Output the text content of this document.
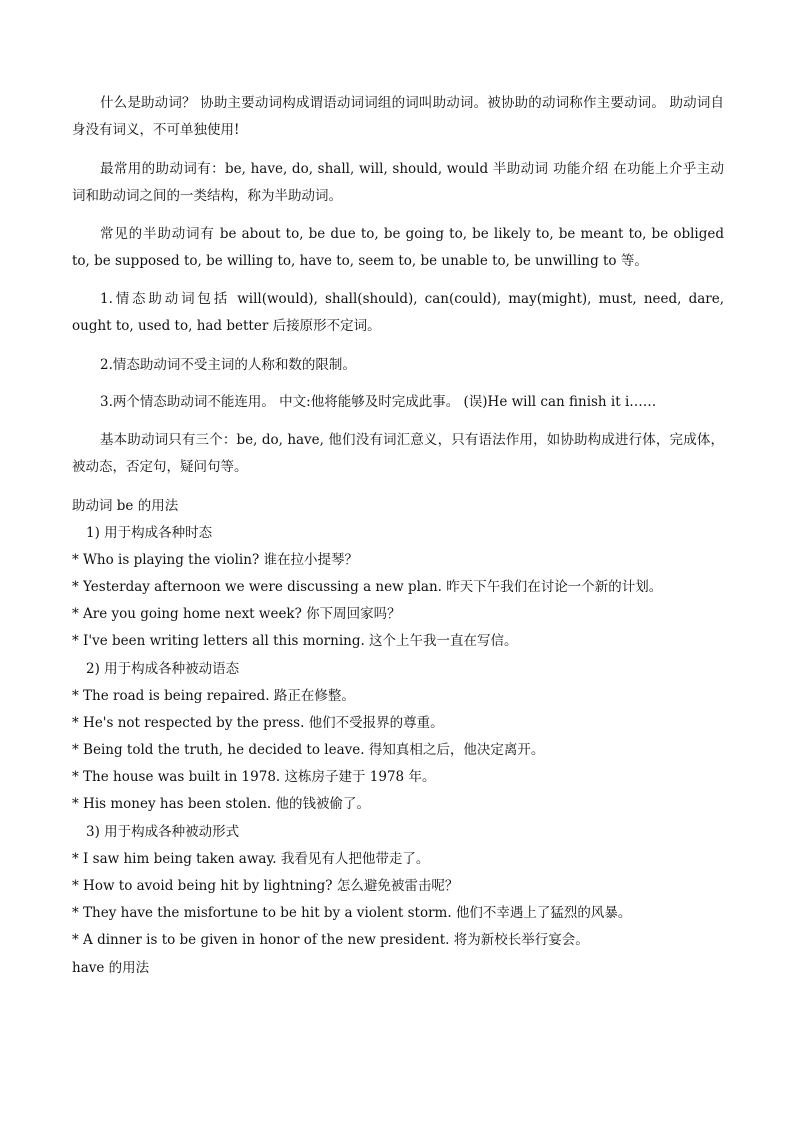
什么是助动词？ 协助主要动词构成谓语动词词组的词叫助动词。被协助的动词称作主要动词。 助动词自身没有词义，不可单独使用!

最常用的助动词有：be, have, do, shall, will, should, would 半助动词 功能介绍 在功能上介乎主动词和助动词之间的一类结构，称为半助动词。

常见的半助动词有 be about to, be due to, be going to, be likely to, be meant to, be obliged to, be supposed to, be willing to, have to, seem to, be unable to, be unwilling to 等。

1.情态助动词包括 will(would), shall(should), can(could), may(might), must, need, dare, ought to, used to, had better 后接原形不定词。

2.情态助动词不受主词的人称和数的限制。

3.两个情态助动词不能连用。 中文:他将能够及时完成此事。 (误)He will can finish it i……

基本助动词只有三个：be, do, have, 他们没有词汇意义，只有语法作用，如协助构成进行体，完成体，被动态，否定句，疑问句等。

助动词 be 的用法
1) 用于构成各种时态
* Who is playing the violin? 谁在拉小提琴？
* Yesterday afternoon we were discussing a new plan. 昨天下午我们在讨论一个新的计划。
* Are you going home next week? 你下周回家吗？
* I've been writing letters all this morning. 这个上午我一直在写信。
2) 用于构成各种被动语态
* The road is being repaired. 路正在修整。
* He's not respected by the press. 他们不受报界的尊重。
* Being told the truth, he decided to leave. 得知真相之后，他决定离开。
* The house was built in 1978. 这栋房子建于 1978 年。
* His money has been stolen. 他的钱被偷了。
3) 用于构成各种被动形式
* I saw him being taken away. 我看见有人把他带走了。
* How to avoid being hit by lightning? 怎么避免被雷击呢？
* They have the misfortune to be hit by a violent storm. 他们不幸遇上了猛烈的风暴。
* A dinner is to be given in honor of the new president. 将为新校长举行宴会。
have 的用法
